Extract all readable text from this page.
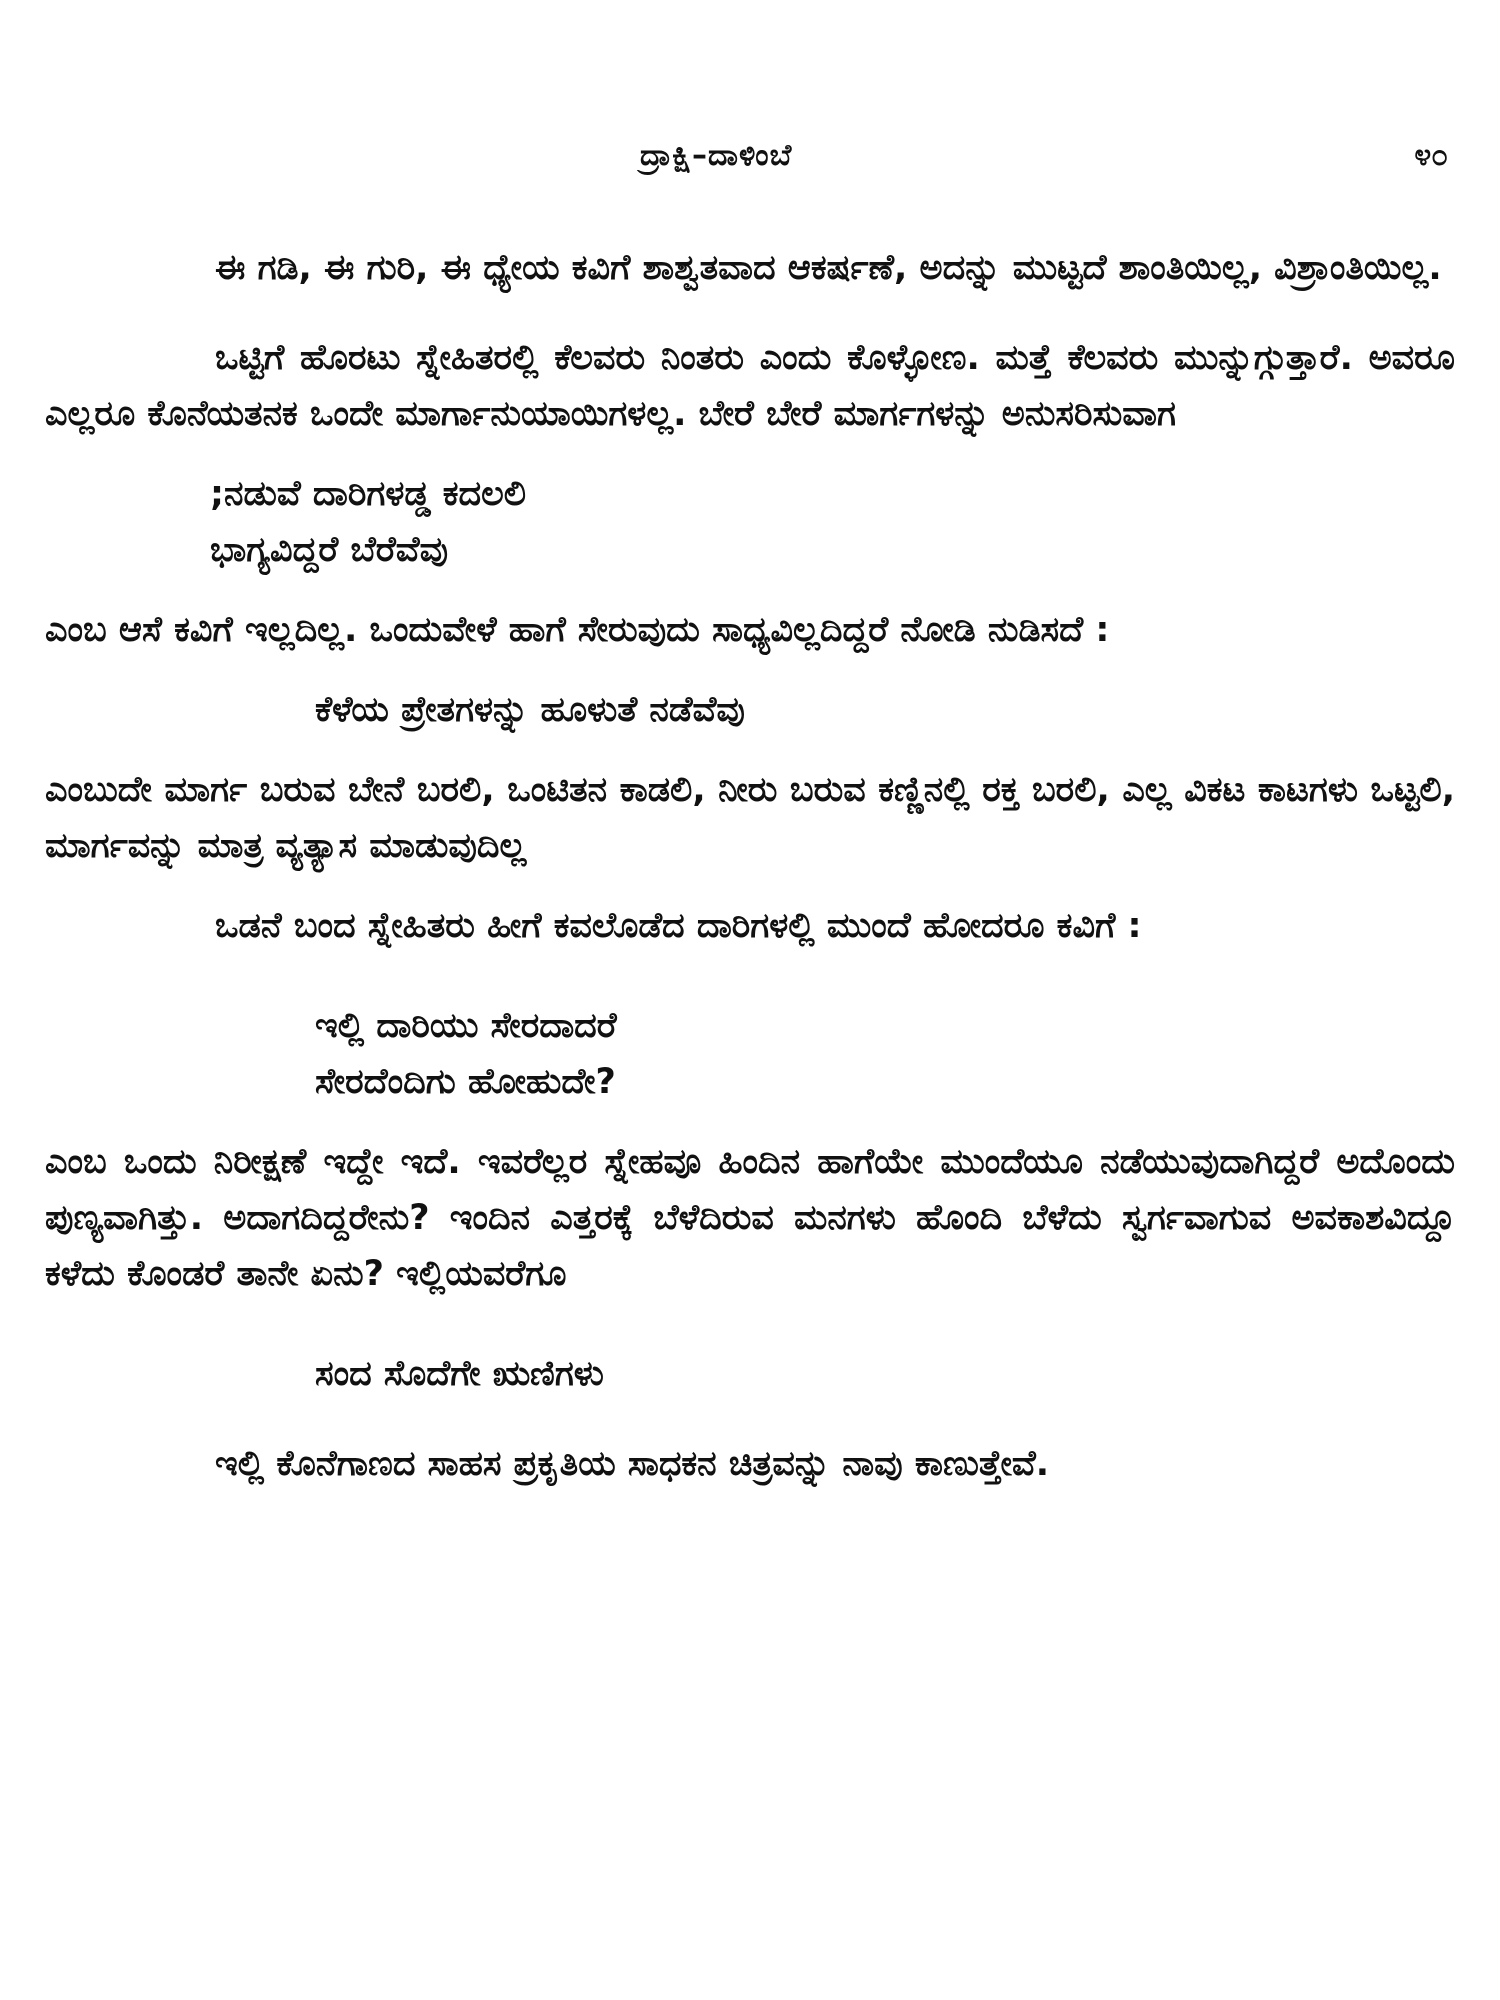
ದ್ರಾಕ್ಷಿ–ದಾಳಿಂಬೆ	೪೦

ಈ ಗಡಿ, ಈ ಗುರಿ, ಈ ಧ್ಯೇಯ ಕವಿಗೆ ಶಾಶ್ವತವಾದ ಆಕರ್ಷಣೆ, ಅದನ್ನು ಮುಟ್ಟದೆ ಶಾಂತಿಯಿಲ್ಲ, ವಿಶ್ರಾಂತಿಯಿಲ್ಲ.

ಒಟ್ಟಿಗೆ ಹೊರಟು ಸ್ನೇಹಿತರಲ್ಲಿ ಕೆಲವರು ನಿಂತರು ಎಂದು ಕೊಳ್ಳೋಣ. ಮತ್ತೆ ಕೆಲವರು ಮುನ್ನುಗ್ಗುತ್ತಾರೆ. ಅವರೂ ಎಲ್ಲರೂ ಕೊನೆಯತನಕ ಒಂದೇ ಮಾರ್ಗಾನುಯಾಯಿಗಳಲ್ಲ. ಬೇರೆ ಬೇರೆ ಮಾರ್ಗಗಳನ್ನು ಅನುಸರಿಸುವಾಗ

;ನಡುವೆ ದಾರಿಗಳಡ್ಡ ಕದಲಲಿ

ಭಾಗ್ಯವಿದ್ದರೆ ಬೆರೆವೆವು

ಎಂಬ ಆಸೆ ಕವಿಗೆ ಇಲ್ಲದಿಲ್ಲ. ಒಂದುವೇಳೆ ಹಾಗೆ ಸೇರುವುದು ಸಾಧ್ಯವಿಲ್ಲದಿದ್ದರೆ ನೋಡಿ ನುಡಿಸದೆ :

ಕೆಳೆಯ ಪ್ರೇತಗಳನ್ನು ಹೂಳುತೆ ನಡೆವೆವು

ಎಂಬುದೇ ಮಾರ್ಗ ಬರುವ ಬೇನೆ ಬರಲಿ, ಒಂಟಿತನ ಕಾಡಲಿ, ನೀರು ಬರುವ ಕಣ್ಣಿನಲ್ಲಿ ರಕ್ತ ಬರಲಿ, ಎಲ್ಲ ವಿಕಟ ಕಾಟಗಳು ಒಟ್ಟಲಿ, ಮಾರ್ಗವನ್ನು ಮಾತ್ರ ವ್ಯತ್ಯಾಸ ಮಾಡುವುದಿಲ್ಲ

ಒಡನೆ ಬಂದ ಸ್ನೇಹಿತರು ಹೀಗೆ ಕವಲೊಡೆದ ದಾರಿಗಳಲ್ಲಿ ಮುಂದೆ ಹೋದರೂ ಕವಿಗೆ :

ಇಲ್ಲಿ ದಾರಿಯು ಸೇರದಾದರೆ

ಸೇರದೆಂದಿಗು ಹೋಹುದೇ?

ಎಂಬ ಒಂದು ನಿರೀಕ್ಷಣೆ ಇದ್ದೇ ಇದೆ. ಇವರೆಲ್ಲರ ಸ್ನೇಹವೂ ಹಿಂದಿನ ಹಾಗೆಯೇ ಮುಂದೆಯೂ ನಡೆಯುವುದಾಗಿದ್ದರೆ ಅದೊಂದು ಪುಣ್ಯವಾಗಿತ್ತು. ಅದಾಗದಿದ್ದರೇನು? ಇಂದಿನ ಎತ್ತರಕ್ಕೆ ಬೆಳೆದಿರುವ ಮನಗಳು ಹೊಂದಿ ಬೆಳೆದು ಸ್ವರ್ಗವಾಗುವ ಅವಕಾಶವಿದ್ದೂ ಕಳೆದು ಕೊಂಡರೆ ತಾನೇ ಏನು? ಇಲ್ಲಿಯವರೆಗೂ

ಸಂದ ಸೊದೆಗೇ ಋಣಿಗಳು

ಇಲ್ಲಿ ಕೊನೆಗಾಣದ ಸಾಹಸ ಪ್ರಕೃತಿಯ ಸಾಧಕನ ಚಿತ್ರವನ್ನು ನಾವು ಕಾಣುತ್ತೇವೆ.
